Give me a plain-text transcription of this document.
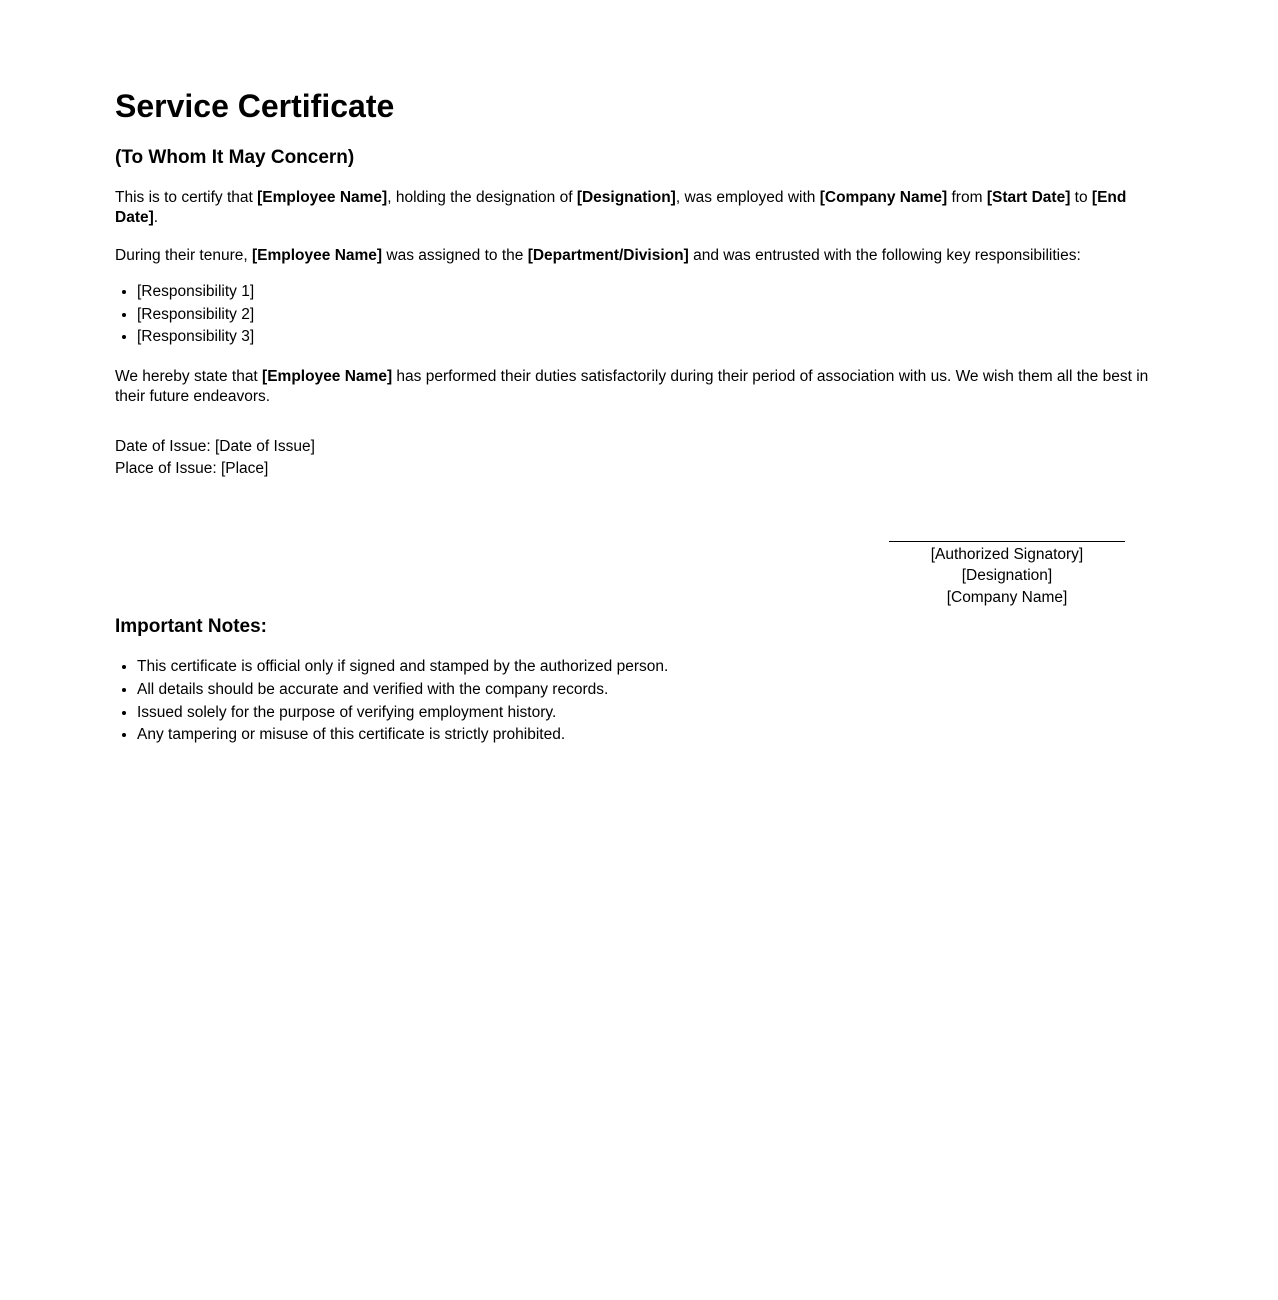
Service Certificate
(To Whom It May Concern)

This is to certify that [Employee Name], holding the designation of [Designation], was employed with [Company Name] from [Start Date] to [End Date].

During their tenure, [Employee Name] was assigned to the [Department/Division] and was entrusted with the following key responsibilities:

• [Responsibility 1]
• [Responsibility 2]
• [Responsibility 3]

We hereby state that [Employee Name] has performed their duties satisfactorily during their period of association with us. We wish them all the best in their future endeavors.

Date of Issue: [Date of Issue]
Place of Issue: [Place]
[Authorized Signatory]
[Designation]
[Company Name]
Important Notes:
• This certificate is official only if signed and stamped by the authorized person.
• All details should be accurate and verified with the company records.
• Issued solely for the purpose of verifying employment history.
• Any tampering or misuse of this certificate is strictly prohibited.
